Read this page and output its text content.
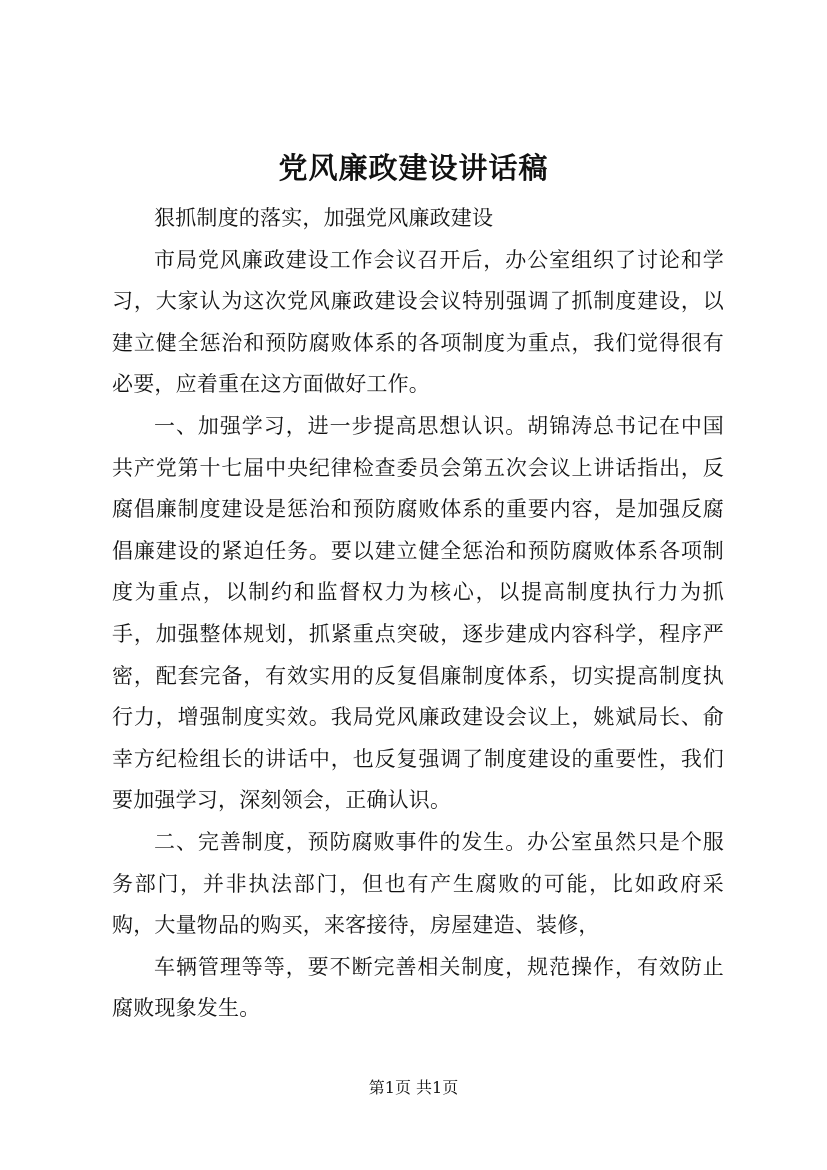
党风廉政建设讲话稿

狠抓制度的落实，加强党风廉政建设

市局党风廉政建设工作会议召开后，办公室组织了讨论和学习，大家认为这次党风廉政建设会议特别强调了抓制度建设，以建立健全惩治和预防腐败体系的各项制度为重点，我们觉得很有必要，应着重在这方面做好工作。

一、加强学习，进一步提高思想认识。胡锦涛总书记在中国共产党第十七届中央纪律检查委员会第五次会议上讲话指出，反腐倡廉制度建设是惩治和预防腐败体系的重要内容，是加强反腐倡廉建设的紧迫任务。要以建立健全惩治和预防腐败体系各项制度为重点，以制约和监督权力为核心，以提高制度执行力为抓手，加强整体规划，抓紧重点突破，逐步建成内容科学，程序严密，配套完备，有效实用的反复倡廉制度体系，切实提高制度执行力，增强制度实效。我局党风廉政建设会议上，姚斌局长、俞幸方纪检组长的讲话中，也反复强调了制度建设的重要性，我们要加强学习，深刻领会，正确认识。

二、完善制度，预防腐败事件的发生。办公室虽然只是个服务部门，并非执法部门，但也有产生腐败的可能，比如政府采购，大量物品的购买，来客接待，房屋建造、装修，

车辆管理等等，要不断完善相关制度，规范操作，有效防止腐败现象发生。

第1页 共1页
